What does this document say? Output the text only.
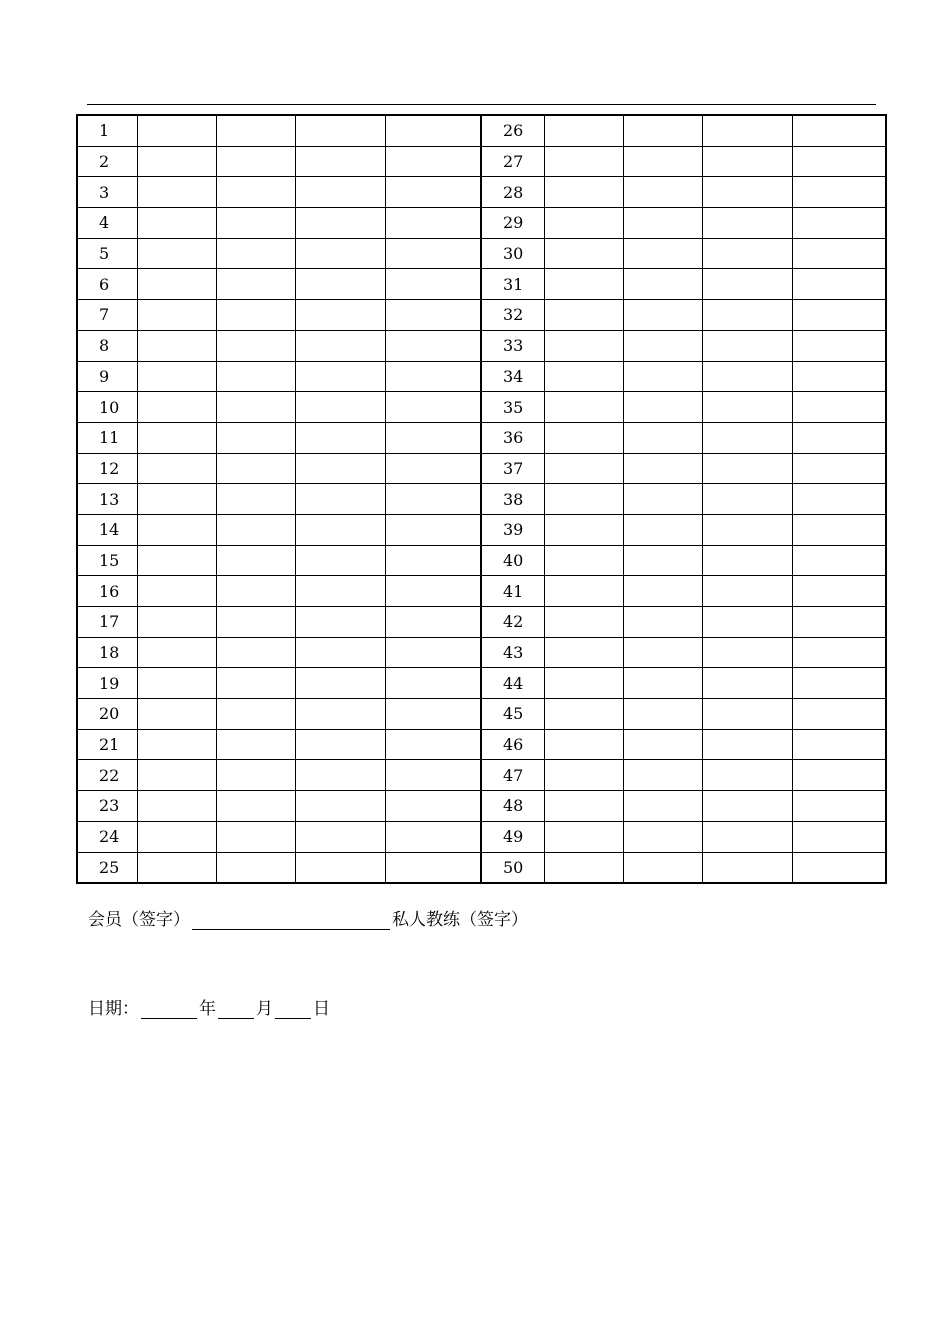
1					26				
2					27				
3					28				
4					29				
5					30				
6					31				
7					32				
8					33				
9					34				
10					35				
11					36				
12					37				
13					38				
14					39				
15					40				
16					41				
17					42				
18					43				
19					44				
20					45				
21					46				
22					47				
23					48				
24					49				
25					50				
会员（签字）	私人教练（签字）
日期：	年 月 日
